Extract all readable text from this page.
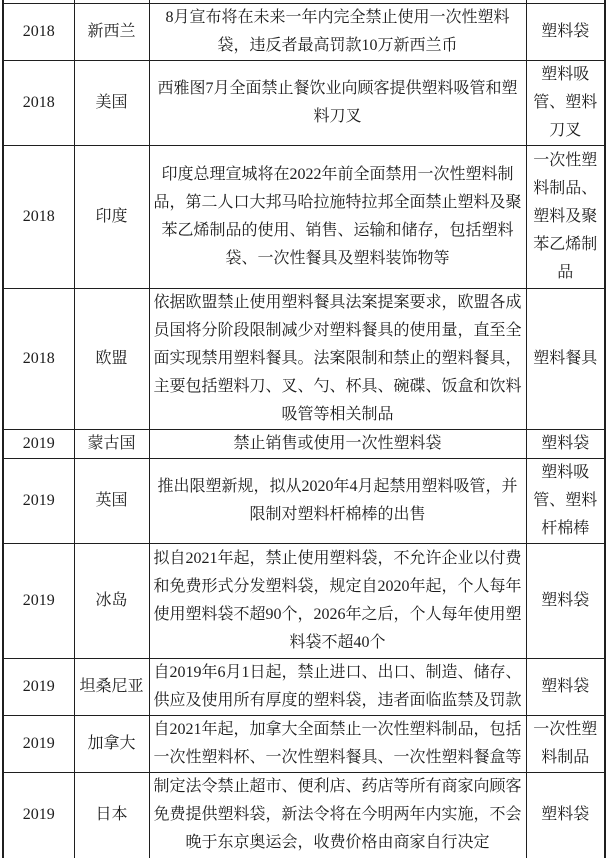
2018	新西兰	8月宣布将在未来一年内完全禁止使用一次性塑料袋，违反者最高罚款10万新西兰币	塑料袋
2018	美国	西雅图7月全面禁止餐饮业向顾客提供塑料吸管和塑料刀叉	塑料吸管、塑料刀叉
2018	印度	印度总理宣城将在2022年前全面禁用一次性塑料制品，第二人口大邦马哈拉施特拉邦全面禁止塑料及聚苯乙烯制品的使用、销售、运输和储存，包括塑料袋、一次性餐具及塑料装饰物等	一次性塑料制品、塑料及聚苯乙烯制品
2018	欧盟	依据欧盟禁止使用塑料餐具法案提案要求，欧盟各成员国将分阶段限制减少对塑料餐具的使用量，直至全面实现禁用塑料餐具。法案限制和禁止的塑料餐具，主要包括塑料刀、叉、勺、杯具、碗碟、饭盒和饮料吸管等相关制品	塑料餐具
2019	蒙古国	禁止销售或使用一次性塑料袋	塑料袋
2019	英国	推出限塑新规，拟从2020年4月起禁用塑料吸管，并限制对塑料杆棉棒的出售	塑料吸管、塑料杆棉棒
2019	冰岛	拟自2021年起，禁止使用塑料袋，不允许企业以付费和免费形式分发塑料袋，规定自2020年起，个人每年使用塑料袋不超90个，2026年之后，个人每年使用塑料袋不超40个	塑料袋
2019	坦桑尼亚	自2019年6月1日起，禁止进口、出口、制造、储存、供应及使用所有厚度的塑料袋，违者面临监禁及罚款	塑料袋
2019	加拿大	自2021年起，加拿大全面禁止一次性塑料制品，包括一次性塑料杯、一次性塑料餐具、一次性塑料餐盒等	一次性塑料制品
2019	日本	制定法令禁止超市、便利店、药店等所有商家向顾客免费提供塑料袋，新法令将在今明两年内实施，不会晚于东京奥运会，收费价格由商家自行决定	塑料袋
